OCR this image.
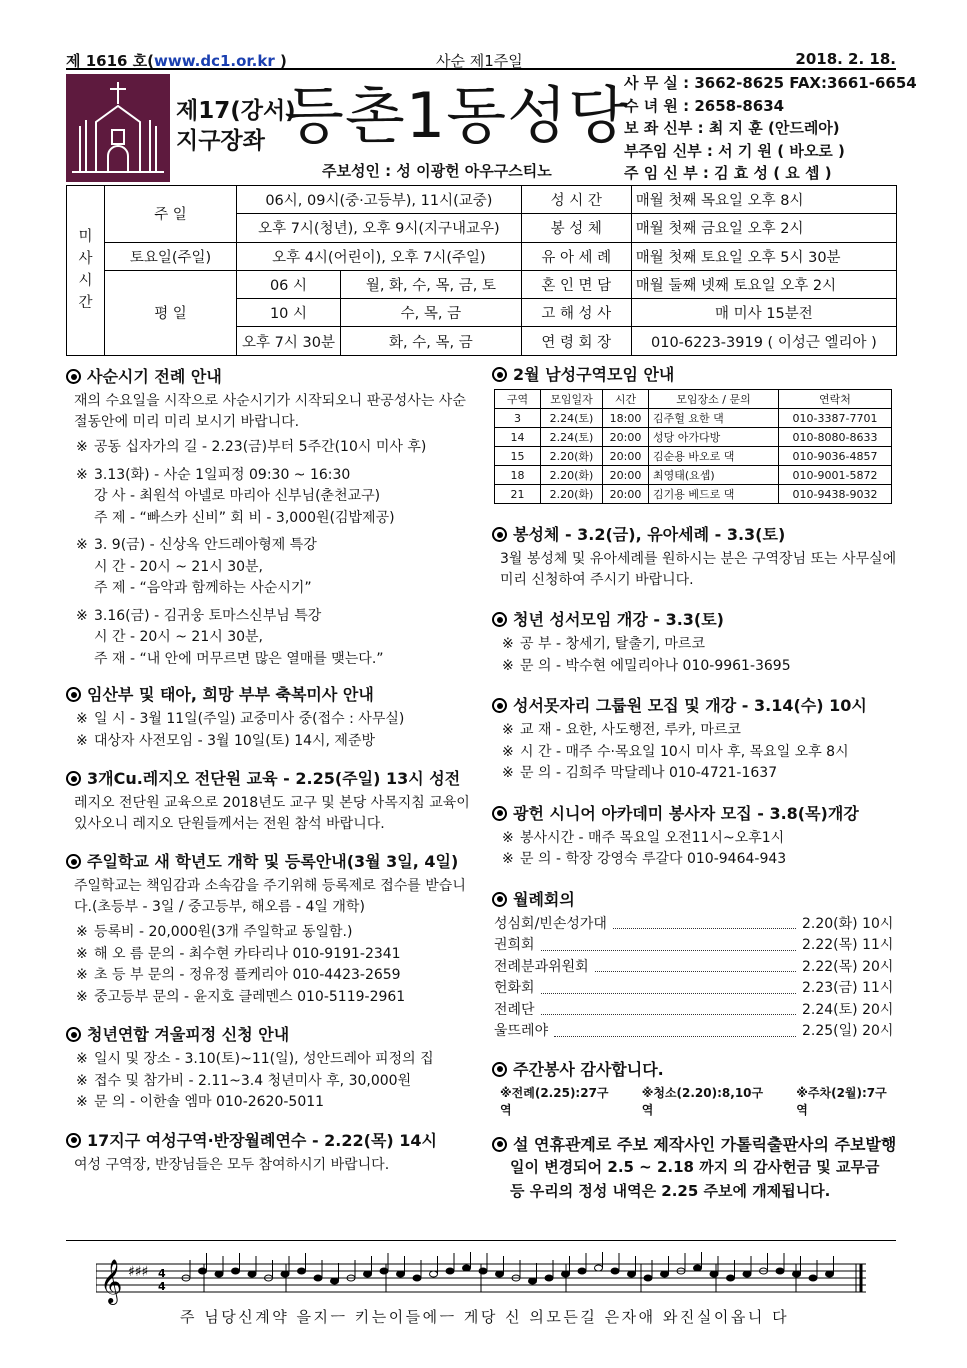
제 1616 호(www.dc1.or.kr )	사순 제1주일	2018. 2. 18.
제17(강서)
지구장좌 등촌1동성당
주보성인 : 성 이광헌 아우구스티노
사 무 실 : 3662-8625 FAX:3661-6654
수 녀 원 : 2658-8634
보 좌 신부 : 최 지 훈 (안드레아)
부주임 신부 : 서 기 원 ( 바오로 )
주 임 신 부 : 김 효 성 ( 요 셉 )
미
사
시
간	주 일	06시, 09시(중·고등부), 11시(교중)		성 시 간	매월 첫째 목요일 오후 8시
		오후 7시(청년), 오후 9시(지구내교우)		봉 성 체	매월 첫째 금요일 오후 2시
	토요일(주일)	오후 4시(어린이), 오후 7시(주일)		유 아 세 례	매월 첫째 토요일 오후 5시 30분
	평 일	06 시	월, 화, 수, 목, 금, 토	혼 인 면 담	매월 둘째 넷째 토요일 오후 2시
		10 시	수, 목, 금	고 해 성 사	매 미사 15분전
		오후 7시 30분	화, 수, 목, 금	연 령 회 장	010-6223-3919 ( 이성근 엘리아 )
사순시기 전례 안내
재의 수요일을 시작으로 사순시기가 시작되오니 판공성사는 사순절동안에 미리 미리 보시기 바랍니다.
※ 공동 십자가의 길 - 2.23(금)부터 5주간(10시 미사 후)
※ 3.13(화) - 사순 1일피정 09:30 ~ 16:30
강 사 - 최원석 아넬로 마리아 신부님(춘천교구)
주 제 - “빠스카 신비” 회 비 - 3,000원(김밥제공)
※ 3. 9(금) - 신상옥 안드레아형제 특강
시 간 - 20시 ~ 21시 30분,
주 제 - “음악과 함께하는 사순시기”
※ 3.16(금) - 김귀웅 토마스신부님 특강
시 간 - 20시 ~ 21시 30분,
주 재 - “내 안에 머무르면 많은 열매를 맺는다.”
임산부 및 태아, 희망 부부 축복미사 안내
※ 일 시 - 3월 11일(주일) 교중미사 중(접수 : 사무실)
※ 대상자 사전모임 - 3월 10일(토) 14시, 제준방
3개Cu.레지오 전단원 교육 - 2.25(주일) 13시 성전
레지오 전단원 교육으로 2018년도 교구 및 본당 사목지침 교육이 있사오니 레지오 단원들께서는 전원 참석 바랍니다.
주일학교 새 학년도 개학 및 등록안내(3월 3일, 4일)
주일학교는 책임감과 소속감을 주기위해 등록제로 접수를 받습니다.(초등부 - 3일 / 중고등부, 해오름 - 4일 개학)
※ 등록비 - 20,000원(3개 주일학교 동일함.)
※ 해 오 름 문의 - 최수현 카타리나 010-9191-2341
※ 초 등 부 문의 - 정유정 플케리아 010-4423-2659
※ 중고등부 문의 - 윤지호 클레멘스 010-5119-2961
청년연합 겨울피정 신청 안내
※ 일시 및 장소 - 3.10(토)~11(일), 성안드레아 피정의 집
※ 접수 및 참가비 - 2.11~3.4 청년미사 후, 30,000원
※ 문 의 - 이한솔 엠마 010-2620-5011
17지구 여성구역·반장월례연수 - 2.22(목) 14시
여성 구역장, 반장님들은 모두 참여하시기 바랍니다.
2월 남성구역모임 안내
구역	모임일자	시간	모임장소 / 문의	연락처
3	2.24(토)	18:00	김주헐 요한 댁	010-3387-7701
14	2.24(토)	20:00	성당 아가다방	010-8080-8633
15	2.20(화)	20:00	김순용 바오로 댁	010-9036-4857
18	2.20(화)	20:00	최영태(요셉)	010-9001-5872
21	2.20(화)	20:00	김기용 베드로 댁	010-9438-9032
봉성체 - 3.2(금), 유아세례 - 3.3(토)
3월 봉성체 및 유아세례를 원하시는 분은 구역장님 또는 사무실에 미리 신청하여 주시기 바랍니다.
청년 성서모임 개강 - 3.3(토)
※ 공 부 - 창세기, 탈출기, 마르코
※ 문 의 - 박수현 에밀리아나 010-9961-3695
성서못자리 그룹원 모집 및 개강 - 3.14(수) 10시
※ 교 재 - 요한, 사도행전, 루카, 마르코
※ 시 간 - 매주 수·목요일 10시 미사 후, 목요일 오후 8시
※ 문 의 - 김희주 막달레나 010-4721-1637
광헌 시니어 아카데미 봉사자 모집 - 3.8(목)개강
※ 봉사시간 - 매주 목요일 오전11시~오후1시
※ 문 의 - 학장 강영숙 루갈다 010-9464-943
월례회의
성심회/빈손성가대	2.20(화) 10시
권희회	2.22(목) 11시
전례분과위원회	2.22(목) 20시
헌화회	2.23(금) 11시
전례단	2.24(토) 20시
울뜨레야	2.25(일) 20시
주간봉사 감사합니다.
※전례(2.25):27구역
※청소(2.20):8,10구역
※주차(2월):7구역
설 연휴관계로 주보 제작사인 가톨릭출판사의 주보발행
일이 변경되어 2.5 ~ 2.18 까지 의 감사헌금 및 교무금
등 우리의 정성 내역은 2.25 주보에 개제됩니다.
𝄞 ♯♯♯ 4
4
주 님당신계약 을지ㅡ 키는이들에ㅡ 게당 신 의모든길 은자애 와진실이옵니 다
